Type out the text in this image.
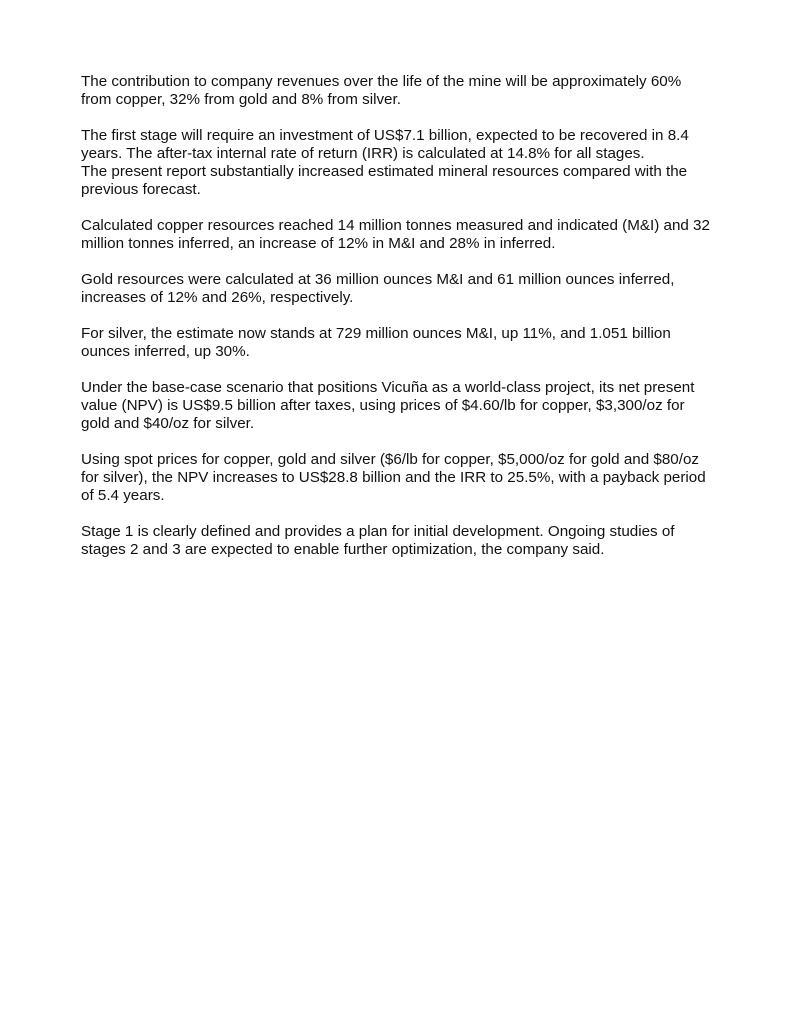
The contribution to company revenues over the life of the mine will be approximately 60%
from copper, 32% from gold and 8% from silver.

The first stage will require an investment of US$7.1 billion, expected to be recovered in 8.4
years. The after-tax internal rate of return (IRR) is calculated at 14.8% for all stages.
The present report substantially increased estimated mineral resources compared with the
previous forecast.

Calculated copper resources reached 14 million tonnes measured and indicated (M&I) and 32
million tonnes inferred, an increase of 12% in M&I and 28% in inferred.

Gold resources were calculated at 36 million ounces M&I and 61 million ounces inferred,
increases of 12% and 26%, respectively.

For silver, the estimate now stands at 729 million ounces M&I, up 11%, and 1.051 billion
ounces inferred, up 30%.

Under the base-case scenario that positions Vicuña as a world-class project, its net present
value (NPV) is US$9.5 billion after taxes, using prices of $4.60/lb for copper, $3,300/oz for
gold and $40/oz for silver.

Using spot prices for copper, gold and silver ($6/lb for copper, $5,000/oz for gold and $80/oz
for silver), the NPV increases to US$28.8 billion and the IRR to 25.5%, with a payback period
of 5.4 years.

Stage 1 is clearly defined and provides a plan for initial development. Ongoing studies of
stages 2 and 3 are expected to enable further optimization, the company said.
